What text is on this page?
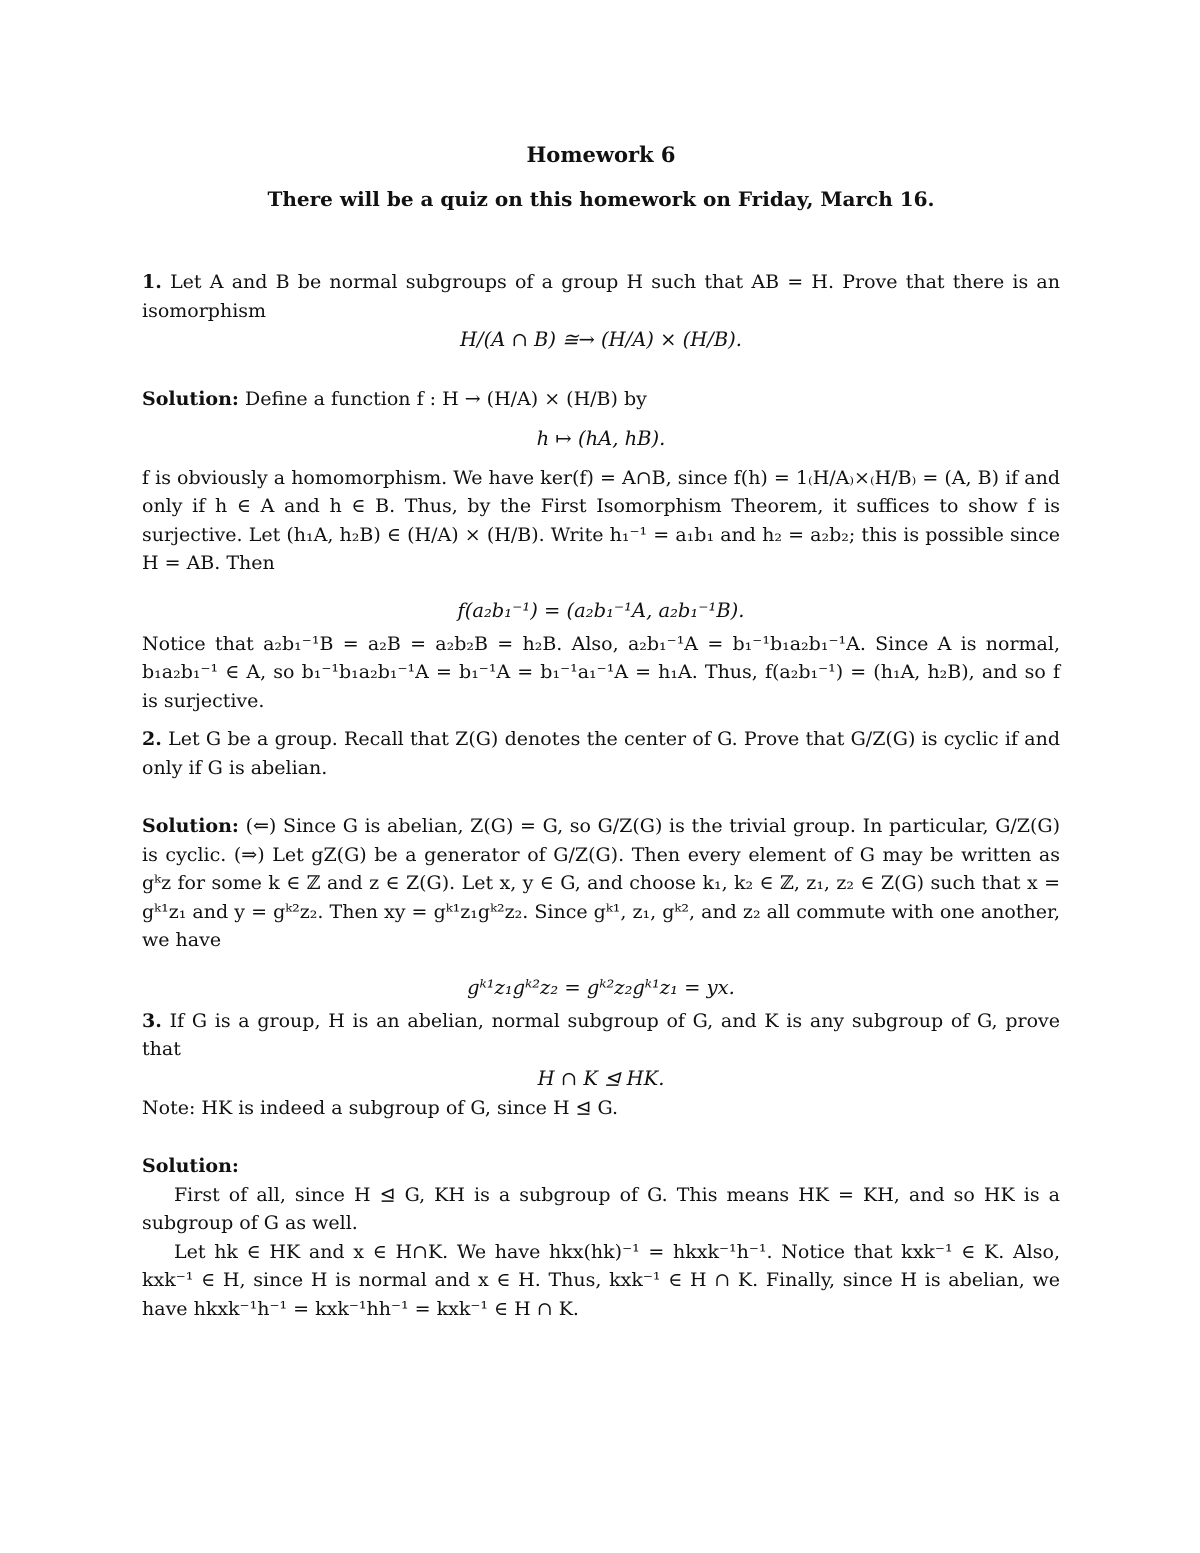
Homework 6

There will be a quiz on this homework on Friday, March 16.

1. Let A and B be normal subgroups of a group H such that AB = H. Prove that there is an isomorphism

H/(A ∩ B) ≅→ (H/A) × (H/B).

Solution: Define a function f : H → (H/A) × (H/B) by

h ↦ (hA, hB).

f is obviously a homomorphism. We have ker(f) = A∩B, since f(h) = 1₍H/A₎×₍H/B₎ = (A, B) if and only if h ∈ A and h ∈ B. Thus, by the First Isomorphism Theorem, it suffices to show f is surjective. Let (h₁A, h₂B) ∈ (H/A) × (H/B). Write h₁⁻¹ = a₁b₁ and h₂ = a₂b₂; this is possible since H = AB. Then

f(a₂b₁⁻¹) = (a₂b₁⁻¹A, a₂b₁⁻¹B).

Notice that a₂b₁⁻¹B = a₂B = a₂b₂B = h₂B. Also, a₂b₁⁻¹A = b₁⁻¹b₁a₂b₁⁻¹A. Since A is normal, b₁a₂b₁⁻¹ ∈ A, so b₁⁻¹b₁a₂b₁⁻¹A = b₁⁻¹A = b₁⁻¹a₁⁻¹A = h₁A. Thus, f(a₂b₁⁻¹) = (h₁A, h₂B), and so f is surjective.

2. Let G be a group. Recall that Z(G) denotes the center of G. Prove that G/Z(G) is cyclic if and only if G is abelian.

Solution: (⇐) Since G is abelian, Z(G) = G, so G/Z(G) is the trivial group. In particular, G/Z(G) is cyclic. (⇒) Let gZ(G) be a generator of G/Z(G). Then every element of G may be written as gᵏz for some k ∈ ℤ and z ∈ Z(G). Let x, y ∈ G, and choose k₁, k₂ ∈ ℤ, z₁, z₂ ∈ Z(G) such that x = gᵏ¹z₁ and y = gᵏ²z₂. Then xy = gᵏ¹z₁gᵏ²z₂. Since gᵏ¹, z₁, gᵏ², and z₂ all commute with one another, we have

gᵏ¹z₁gᵏ²z₂ = gᵏ²z₂gᵏ¹z₁ = yx.

3. If G is a group, H is an abelian, normal subgroup of G, and K is any subgroup of G, prove that

H ∩ K ⊴ HK.

Note: HK is indeed a subgroup of G, since H ⊴ G.

Solution:

First of all, since H ⊴ G, KH is a subgroup of G. This means HK = KH, and so HK is a subgroup of G as well.

Let hk ∈ HK and x ∈ H∩K. We have hkx(hk)⁻¹ = hkxk⁻¹h⁻¹. Notice that kxk⁻¹ ∈ K. Also, kxk⁻¹ ∈ H, since H is normal and x ∈ H. Thus, kxk⁻¹ ∈ H ∩ K. Finally, since H is abelian, we have hkxk⁻¹h⁻¹ = kxk⁻¹hh⁻¹ = kxk⁻¹ ∈ H ∩ K.
